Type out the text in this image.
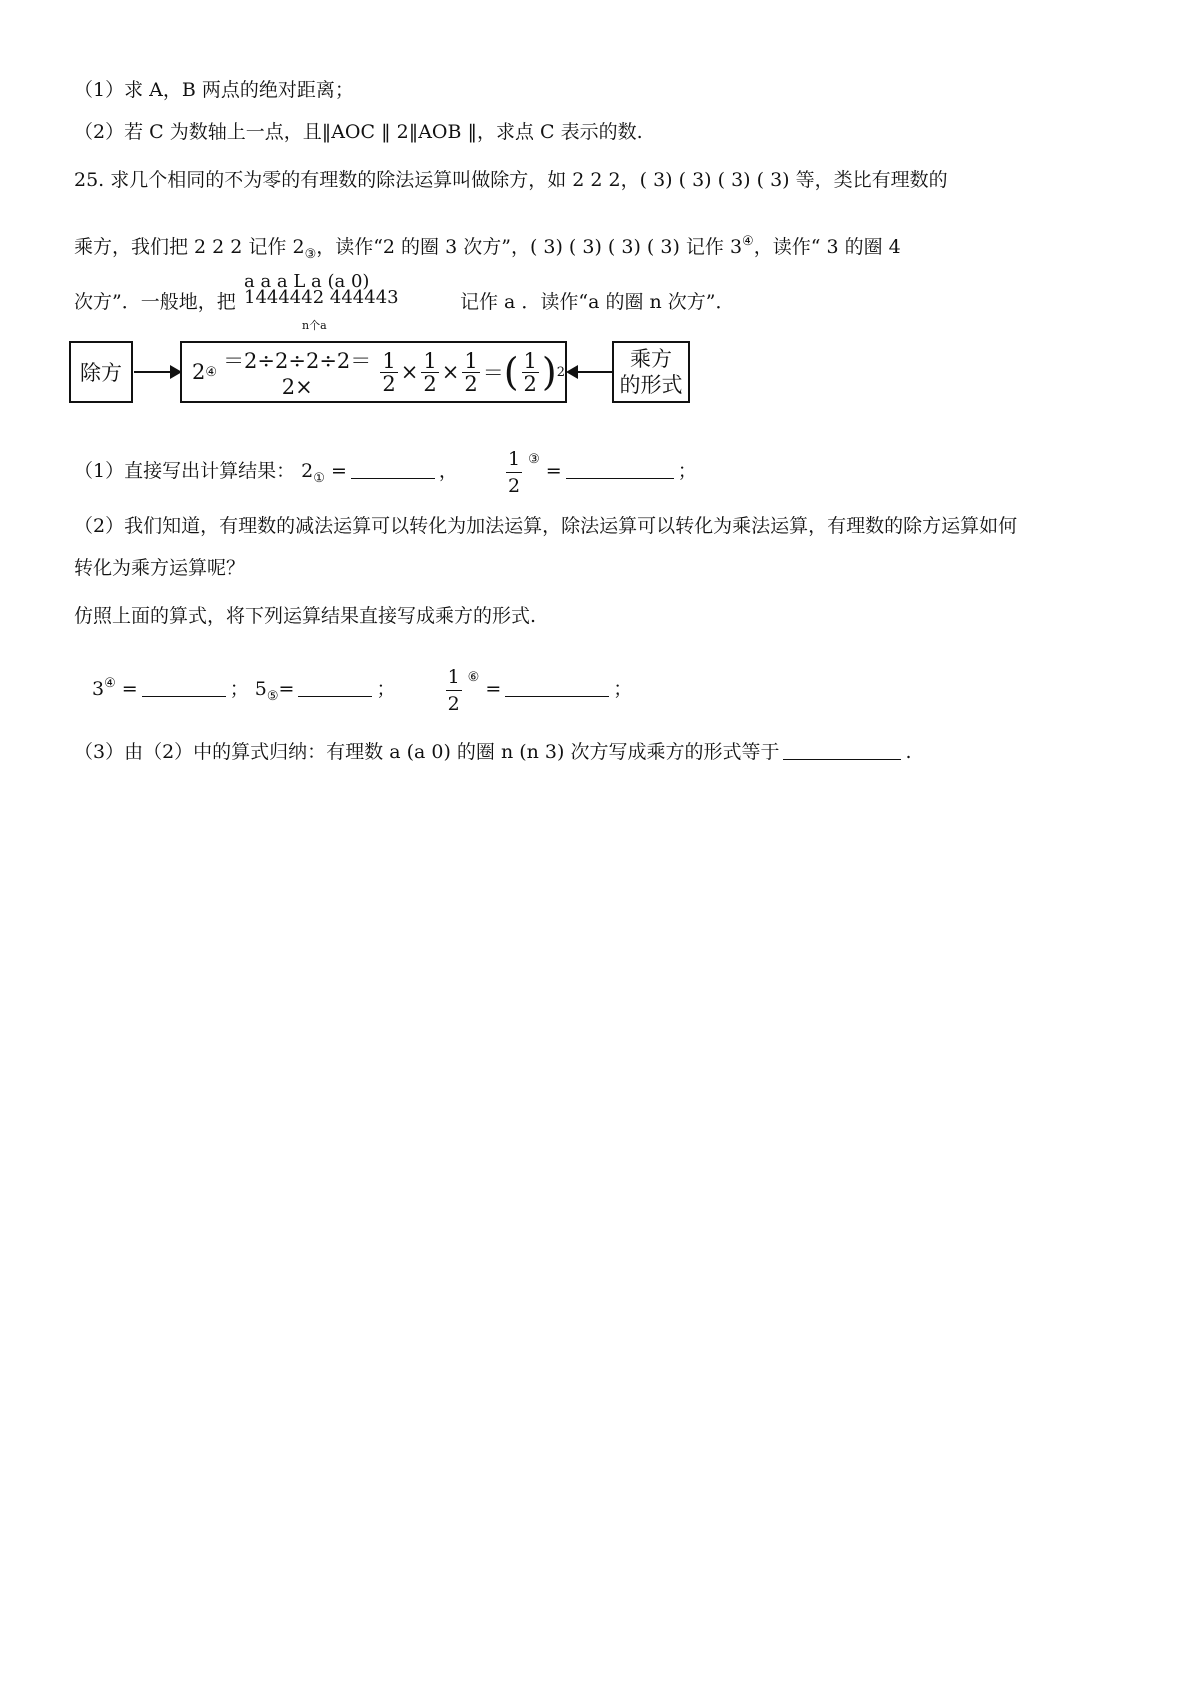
（1）求 A，B 两点的绝对距离；
（2）若 C 为数轴上一点，且‖AOC ‖ 2‖AOB ‖，求点 C 表示的数.
25. 求几个相同的不为零的有理数的除法运算叫做除方，如 2 2 2，( 3) ( 3) ( 3) ( 3) 等，类比有理数的
乘方，我们把 2 2 2 记作 $2_③$，读作“2 的圈 3 次方”，( 3) ( 3) ( 3) ( 3) 记作 3④，读作“ 3 的圈 4
次方”．一般地，把
a a a L a (a 0)
1444442 444443
n个a
记作 a ．读作“a 的圈 n 次方”．
除方	2 ④ ＝2÷2÷2÷2＝2×	$\frac{1}{2} \times \frac{1}{2} \times \frac{1}{2}$ ＝ ( $\frac{1}{2}$ ) 2
乘方
的形式
（1）直接写出计算结果： $2_①$ =	，	$\frac{1}{2} ^③$ =	；
（2）我们知道，有理数的减法运算可以转化为加法运算，除法运算可以转化为乘法运算，有理数的除方运算如何
转化为乘方运算呢？
仿照上面的算式，将下列运算结果直接写成乘方的形式.
3④ =	； $5_⑤=$	；	$\frac{1}{2} ^⑥$ =	；
（3）由（2）中的算式归纳：有理数 a (a 0) 的圈 n (n 3) 次方写成乘方的形式等于	.
